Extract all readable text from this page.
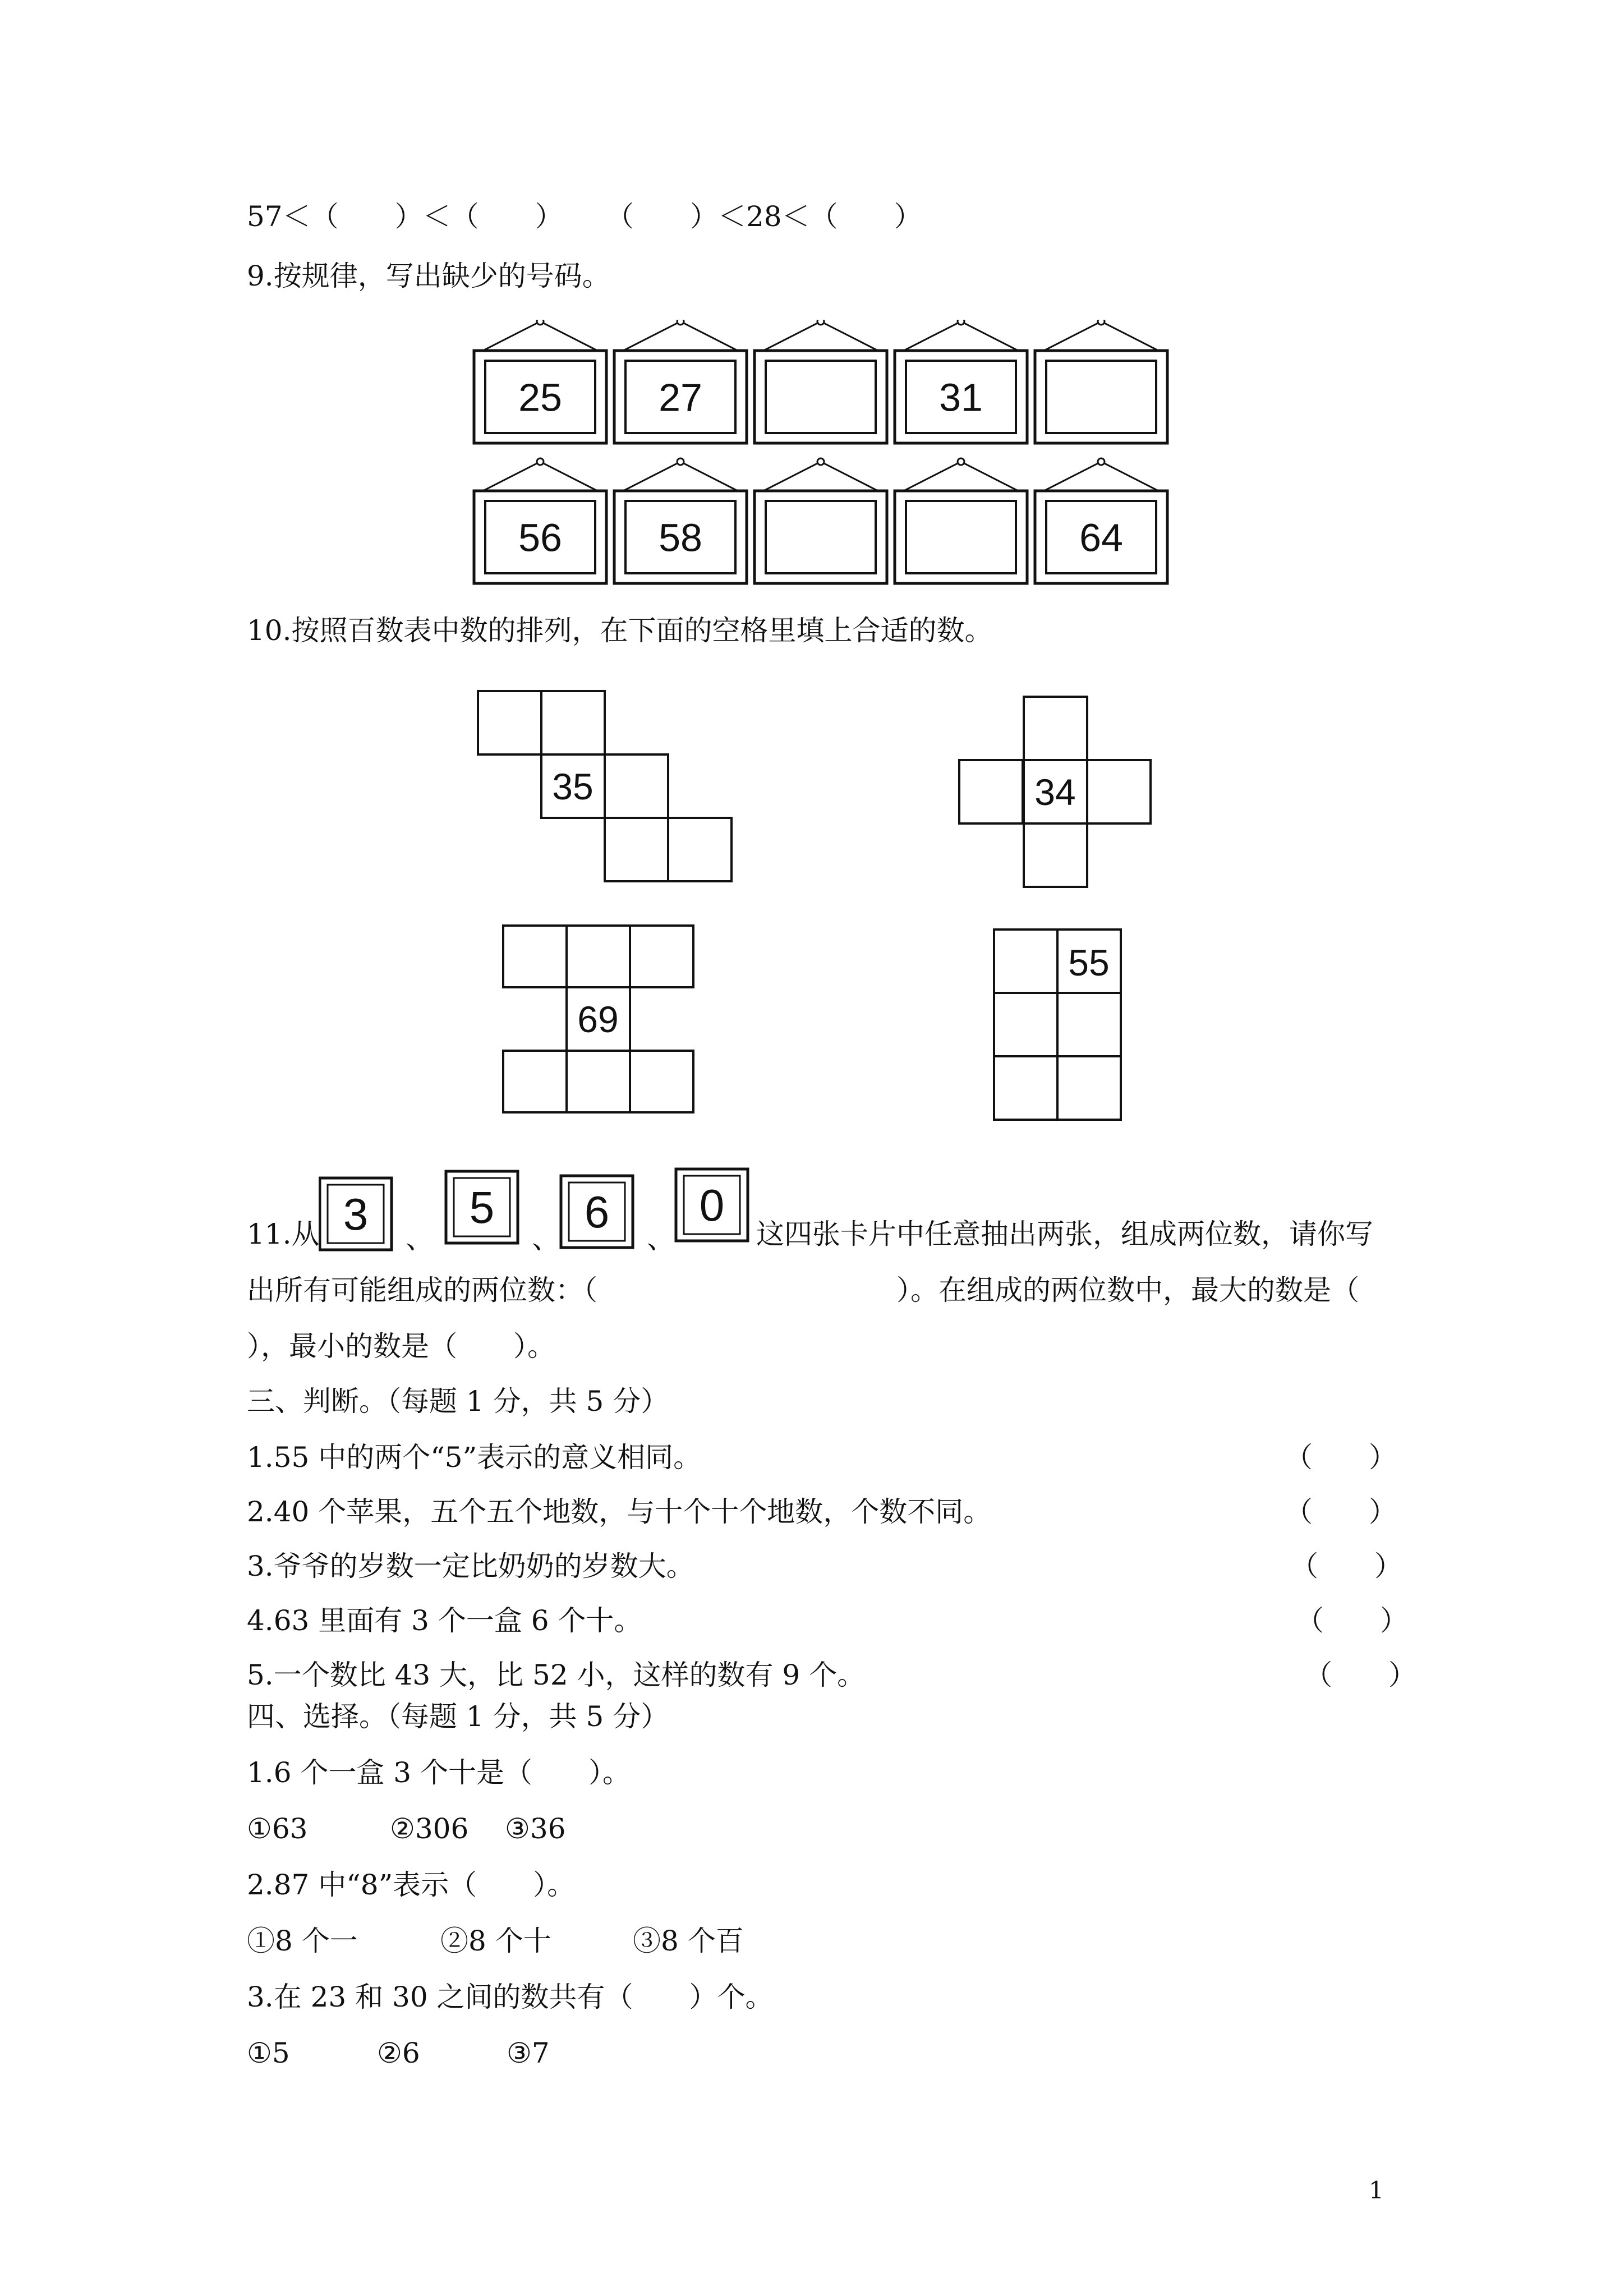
57＜（　　）＜（　　） （　　）＜28＜（　　）
9.按规律，写出缺少的号码。
25 27	31
56 58	64
10.按照百数表中数的排列，在下面的空格里填上合适的数。
35	34
69
55
11.从 3 、
5
、
6
、
0
这四张卡片中任意抽出两张，组成两位数，请你写
出所有可能组成的两位数：（	）。在组成的两位数中，最大的数是（
），最小的数是（　　）。
三、判断。（每题 1 分，共 5 分）
1.55 中的两个“5”表示的意义相同。	（　　）
2.40 个苹果，五个五个地数，与十个十个地数，个数不同。	（　　）
3.爷爷的岁数一定比奶奶的岁数大。	（　　）
4.63 里面有 3 个一盒 6 个十。	（　　）
5.一个数比 43 大，比 52 小，这样的数有 9 个。	（　　）
四、选择。（每题 1 分，共 5 分）
1.6 个一盒 3 个十是（　　）。
①63	②306 ③36
2.87 中“8”表示（　　）。
①8 个一	②8 个十	③8 个百
3.在 23 和 30 之间的数共有（　　）个。
①5	②6	③7
1
